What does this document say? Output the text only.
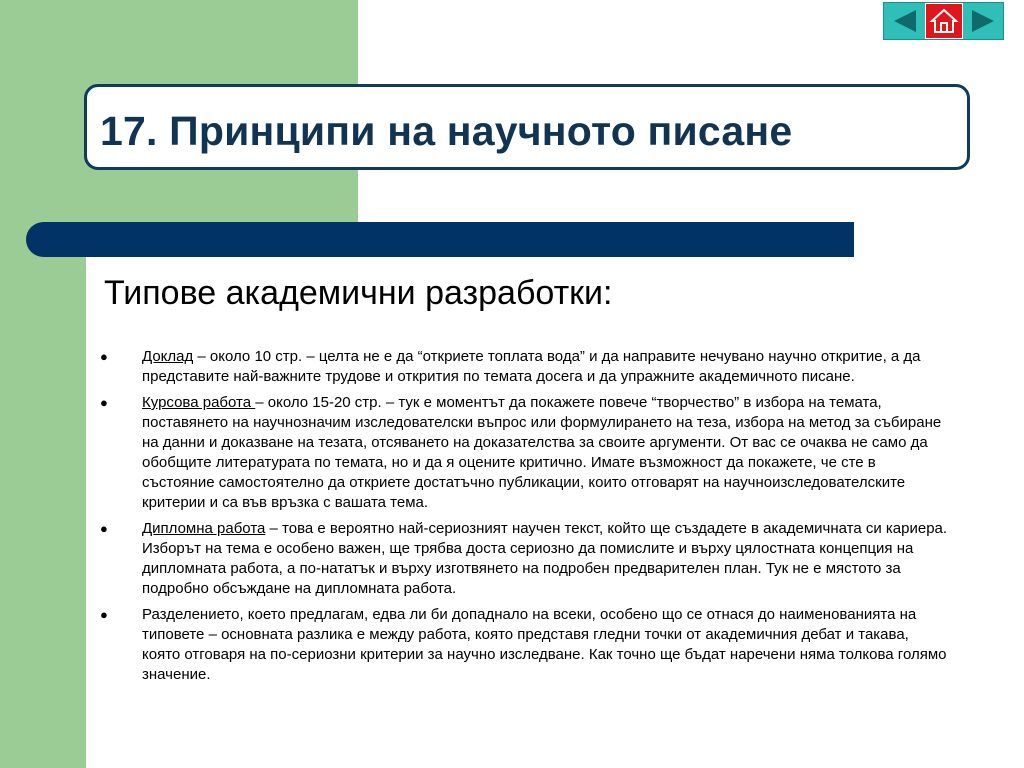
17. Принципи на научното писане
Типове академични разработки:
● Доклад – около 10 стр. – целта не е да “откриете топлата вода” и да направите нечувано научно откритие, а да представите най-важните трудове и открития по темата досега и да упражните академичното писане.
● Курсова работа – около 15-20 стр. – тук е моментът да покажете повече “творчество” в избора на темата, поставянето на научнозначим изследователски въпрос или формулирането на теза, избора на метод за събиране на данни и доказване на тезата, отсяването на доказателства за своите аргументи. От вас се очаква не само да обобщите литературата по темата, но и да я оцените критично. Имате възможност да покажете, че сте в състояние самостоятелно да откриете достатъчно публикации, които отговарят на научноизследователските критерии и са във връзка с вашата тема.
● Дипломна работа – това е вероятно най-сериозният научен текст, който ще създадете в академичната си кариера. Изборът на тема е особено важен, ще трябва доста сериозно да помислите и върху цялостната концепция на дипломната работа, а по-нататък и върху изготвянето на подробен предварителен план. Тук не е мястото за подробно обсъждане на дипломната работа.
● Разделението, което предлагам, едва ли би допаднало на всеки, особено що се отнася до наименованията на типовете – основната разлика е между работа, която представя гледни точки от академичния дебат и такава, която отговаря на по-сериозни критерии за научно изследване. Как точно ще бъдат наречени няма толкова голямо значение.
